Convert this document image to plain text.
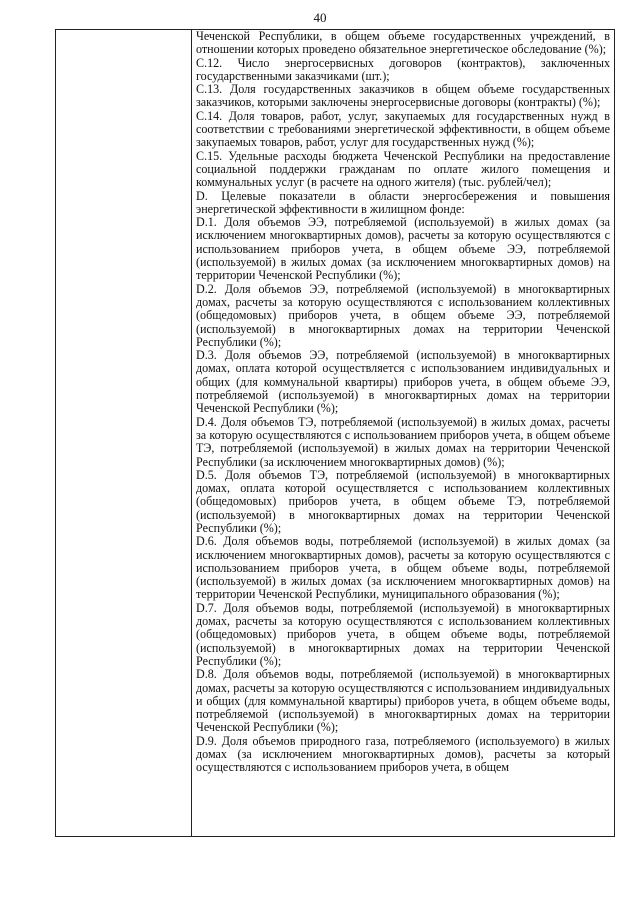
40

Чеченской Республики, в общем объеме государственных учреждений, в отношении которых проведено обязательное энергетическое обследование (%);

С.12. Число энергосервисных договоров (контрактов), заключенных государственными заказчиками (шт.);

С.13. Доля государственных заказчиков в общем объеме государственных заказчиков, которыми заключены энергосервисные договоры (контракты) (%);

С.14. Доля товаров, работ, услуг, закупаемых для государственных нужд в соответствии с требованиями энергетической эффективности, в общем объеме закупаемых товаров, работ, услуг для государственных нужд (%);

С.15. Удельные расходы бюджета Чеченской Республики на предоставление социальной поддержки гражданам по оплате жилого помещения и коммунальных услуг (в расчете на одного жителя) (тыс. рублей/чел);

D. Целевые показатели в области энергосбережения и повышения энергетической эффективности в жилищном фонде:

D.1. Доля объемов ЭЭ, потребляемой (используемой) в жилых домах (за исключением многоквартирных домов), расчеты за которую осуществляются с использованием приборов учета, в общем объеме ЭЭ, потребляемой (используемой) в жилых домах (за исключением многоквартирных домов) на территории Чеченской Республики (%);

D.2. Доля объемов ЭЭ, потребляемой (используемой) в многоквартирных домах, расчеты за которую осуществляются с использованием коллективных (общедомовых) приборов учета, в общем объеме ЭЭ, потребляемой (используемой) в многоквартирных домах на территории Чеченской Республики (%);

D.3. Доля объемов ЭЭ, потребляемой (используемой) в многоквартирных домах, оплата которой осуществляется с использованием индивидуальных и общих (для коммунальной квартиры) приборов учета, в общем объеме ЭЭ, потребляемой (используемой) в многоквартирных домах на территории Чеченской Республики (%);

D.4. Доля объемов ТЭ, потребляемой (используемой) в жилых домах, расчеты за которую осуществляются с использованием приборов учета, в общем объеме ТЭ, потребляемой (используемой) в жилых домах на территории Чеченской Республики (за исключением многоквартирных домов) (%);

D.5. Доля объемов ТЭ, потребляемой (используемой) в многоквартирных домах, оплата которой осуществляется с использованием коллективных (общедомовых) приборов учета, в общем объеме ТЭ, потребляемой (используемой) в многоквартирных домах на территории Чеченской Республики (%);

D.6. Доля объемов воды, потребляемой (используемой) в жилых домах (за исключением многоквартирных домов), расчеты за которую осуществляются с использованием приборов учета, в общем объеме воды, потребляемой (используемой) в жилых домах (за исключением многоквартирных домов) на территории Чеченской Республики, муниципального образования (%);

D.7. Доля объемов воды, потребляемой (используемой) в многоквартирных домах, расчеты за которую осуществляются с использованием коллективных (общедомовых) приборов учета, в общем объеме воды, потребляемой (используемой) в многоквартирных домах на территории Чеченской Республики (%);

D.8. Доля объемов воды, потребляемой (используемой) в многоквартирных домах, расчеты за которую осуществляются с использованием индивидуальных и общих (для коммунальной квартиры) приборов учета, в общем объеме воды, потребляемой (используемой) в многоквартирных домах на территории Чеченской Республики (%);

D.9. Доля объемов природного газа, потребляемого (используемого) в жилых домах (за исключением многоквартирных домов), расчеты за который осуществляются с использованием приборов учета, в общем
